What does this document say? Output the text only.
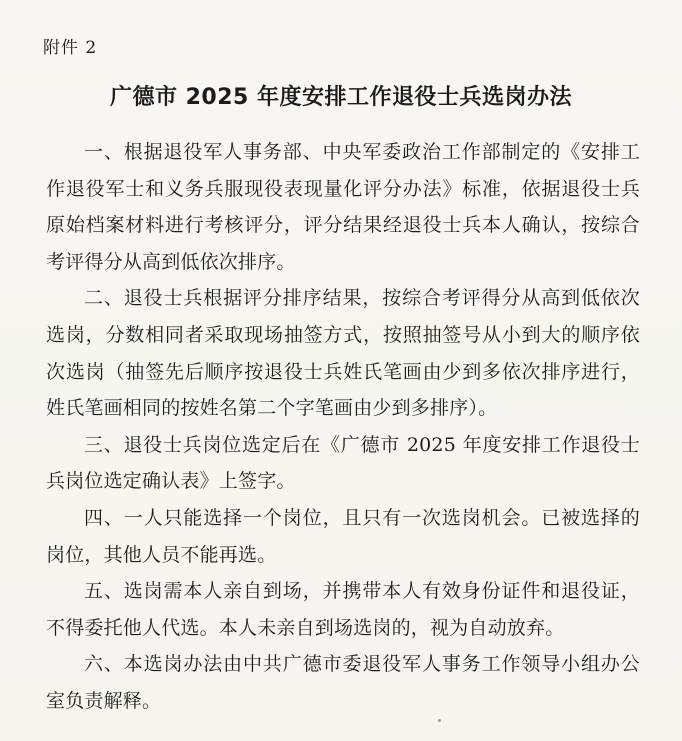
附件 2
广德市 2025 年度安排工作退役士兵选岗办法

一、根据退役军人事务部、中央军委政治工作部制定的《安排工作退役军士和义务兵服现役表现量化评分办法》标准，依据退役士兵原始档案材料进行考核评分，评分结果经退役士兵本人确认，按综合考评得分从高到低依次排序。

二、退役士兵根据评分排序结果，按综合考评得分从高到低依次选岗，分数相同者采取现场抽签方式，按照抽签号从小到大的顺序依次选岗（抽签先后顺序按退役士兵姓氏笔画由少到多依次排序进行，姓氏笔画相同的按姓名第二个字笔画由少到多排序）。

三、退役士兵岗位选定后在《广德市 2025 年度安排工作退役士兵岗位选定确认表》上签字。

四、一人只能选择一个岗位，且只有一次选岗机会。已被选择的岗位，其他人员不能再选。

五、选岗需本人亲自到场，并携带本人有效身份证件和退役证，不得委托他人代选。本人未亲自到场选岗的，视为自动放弃。

六、本选岗办法由中共广德市委退役军人事务工作领导小组办公室负责解释。
